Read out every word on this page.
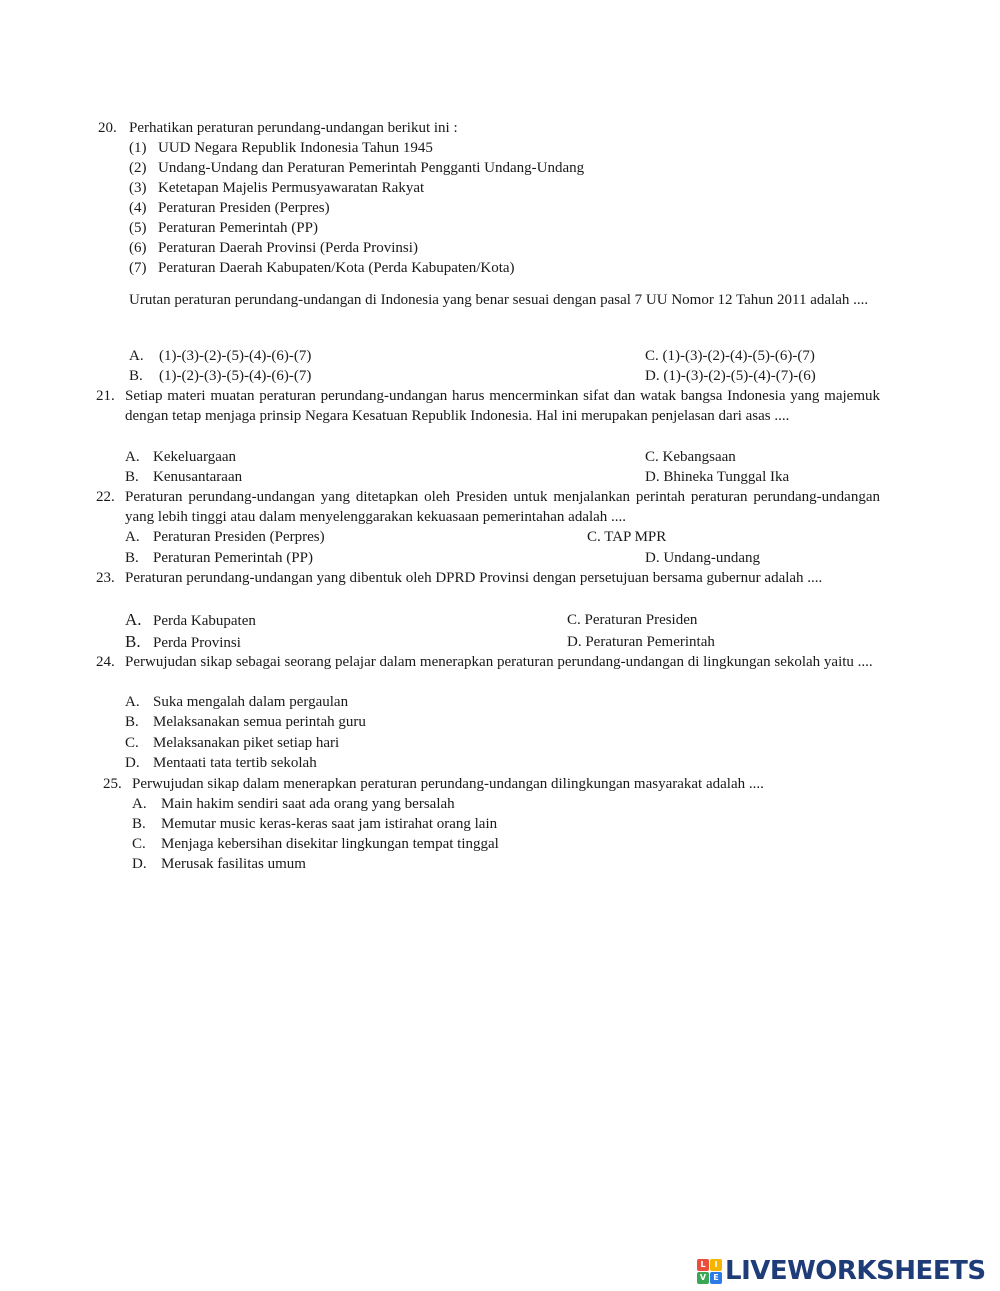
20. Perhatikan peraturan perundang-undangan berikut ini :
(1) UUD Negara Republik Indonesia Tahun 1945
(2) Undang-Undang dan Peraturan Pemerintah Pengganti Undang-Undang
(3) Ketetapan Majelis Permusyawaratan Rakyat
(4) Peraturan Presiden (Perpres)
(5) Peraturan Pemerintah (PP)
(6) Peraturan Daerah Provinsi (Perda Provinsi)
(7) Peraturan Daerah Kabupaten/Kota (Perda Kabupaten/Kota)
Urutan peraturan perundang-undangan di Indonesia yang benar sesuai dengan pasal 7 UU Nomor 12 Tahun 2011 adalah ....
A. (1)-(3)-(2)-(5)-(4)-(6)-(7)
B. (1)-(2)-(3)-(5)-(4)-(6)-(7)
C. (1)-(3)-(2)-(4)-(5)-(6)-(7)
D. (1)-(3)-(2)-(5)-(4)-(7)-(6)
21. Setiap materi muatan peraturan perundang-undangan harus mencerminkan sifat dan watak bangsa Indonesia yang majemuk dengan tetap menjaga prinsip Negara Kesatuan Republik Indonesia. Hal ini merupakan penjelasan dari asas ....
A. Kekeluargaan
B. Kenusantaraan
C. Kebangsaan
D. Bhineka Tunggal Ika
22. Peraturan perundang-undangan yang ditetapkan oleh Presiden untuk menjalankan perintah peraturan perundang-undangan yang lebih tinggi atau dalam menyelenggarakan kekuasaan pemerintahan adalah ....
A. Peraturan Presiden (Perpres)
B. Peraturan Pemerintah (PP)
C. TAP MPR
D. Undang-undang
23. Peraturan perundang-undangan yang dibentuk oleh DPRD Provinsi dengan persetujuan bersama gubernur adalah ....
A. Perda Kabupaten
B. Perda Provinsi
C. Peraturan Presiden
D. Peraturan Pemerintah
24. Perwujudan sikap sebagai seorang pelajar dalam menerapkan peraturan perundang-undangan di lingkungan sekolah yaitu ....
A. Suka mengalah dalam pergaulan
B. Melaksanakan semua perintah guru
C. Melaksanakan piket setiap hari
D. Mentaati tata tertib sekolah
25. Perwujudan sikap dalam menerapkan peraturan perundang-undangan dilingkungan masyarakat adalah ....
A. Main hakim sendiri saat ada orang yang bersalah
B. Memutar music keras-keras saat jam istirahat orang lain
C. Menjaga kebersihan disekitar lingkungan tempat tinggal
D. Merusak fasilitas umum
L	I
V E LIVEWORKSHEETS
